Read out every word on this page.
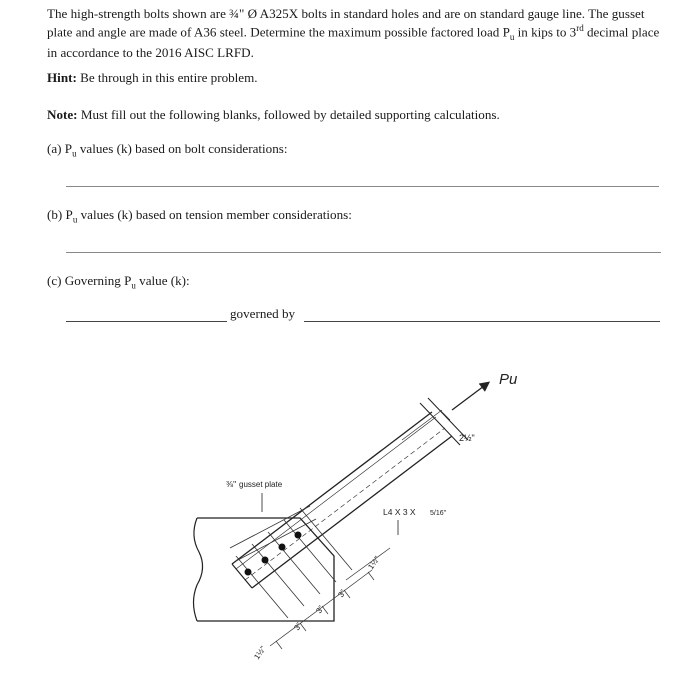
The high-strength bolts shown are ¾" Ø A325X bolts in standard holes and are on standard gauge line. The gusset plate and angle are made of A36 steel. Determine the maximum possible factored load $P_u$ in kips to 3rd decimal place in accordance to the 2016 AISC LRFD.

Hint: Be through in this entire problem.
Note: Must fill out the following blanks, followed by detailed supporting calculations.
(a) $P_u$ values (k) based on bolt considerations:
(b) $P_u$ values (k) based on tension member considerations:
(c) Governing $P_u$ value (k):
governed by
Pu
2½"
⅜" gusset plate
L4 X 3 X 5/16"
1½"
3"
3"
3"
1½"
